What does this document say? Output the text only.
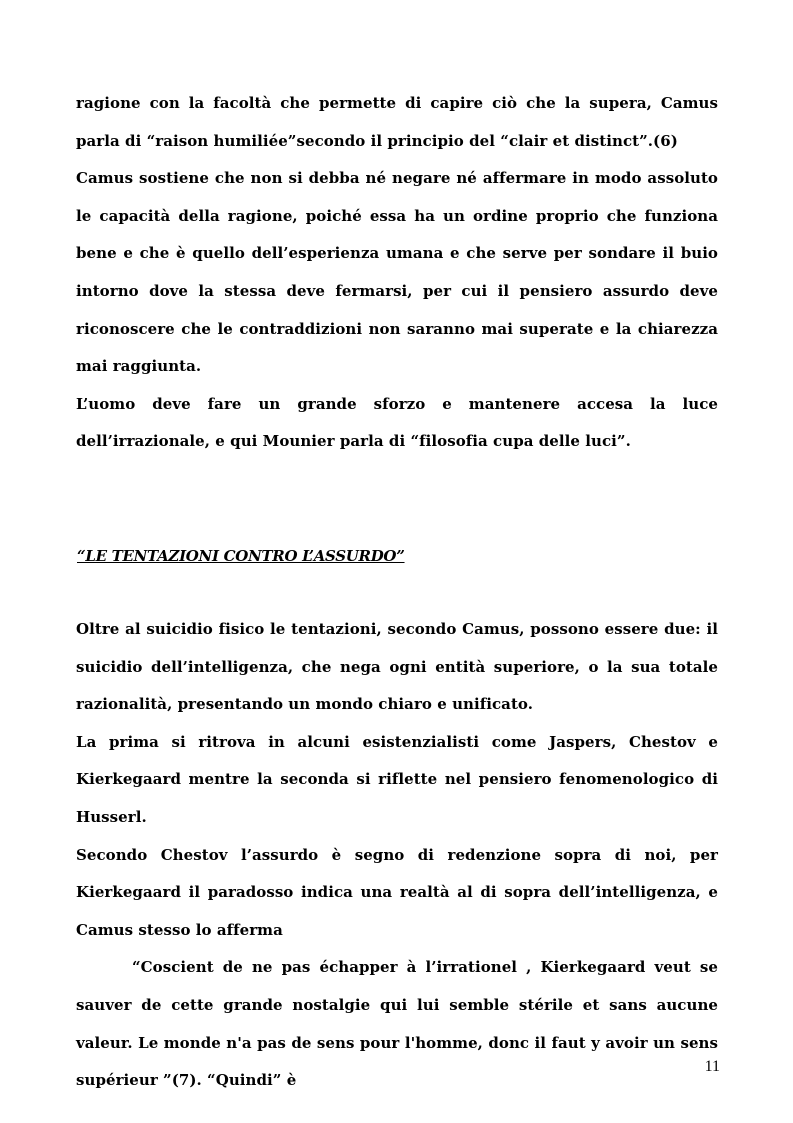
ragione con la facoltà che permette di capire ciò che la supera, Camus parla di “raison humiliée”secondo il principio del “clair et distinct”.(6)

Camus sostiene che non si debba né negare né affermare in modo assoluto le capacità della ragione, poiché essa ha un ordine proprio che funziona bene e che è quello dell’esperienza umana e che serve per sondare il buio intorno dove la stessa deve fermarsi, per cui il pensiero assurdo deve riconoscere che le contraddizioni non saranno mai superate e la chiarezza mai raggiunta.

L’uomo deve fare un grande sforzo e mantenere accesa la luce dell’irrazionale, e qui Mounier parla di “filosofia cupa delle luci”.

“LE TENTAZIONI CONTRO L’ASSURDO”

Oltre al suicidio fisico le tentazioni, secondo Camus, possono essere due: il suicidio dell’intelligenza, che nega ogni entità superiore, o la sua totale razionalità, presentando un mondo chiaro e unificato.

La prima si ritrova in alcuni esistenzialisti come Jaspers, Chestov e Kierkegaard mentre la seconda si riflette nel pensiero fenomenologico di Husserl.

Secondo Chestov l’assurdo è segno di redenzione sopra di noi, per Kierkegaard il paradosso indica una realtà al di sopra dell’intelligenza, e Camus stesso lo afferma

“Coscient de ne pas échapper à l’irrationel , Kierkegaard veut se sauver de cette grande nostalgie qui lui semble stérile et sans aucune valeur. Le monde n'a pas de sens pour l'homme, donc il faut y avoir un sens supérieur ”(7). “Quindi” è

11
